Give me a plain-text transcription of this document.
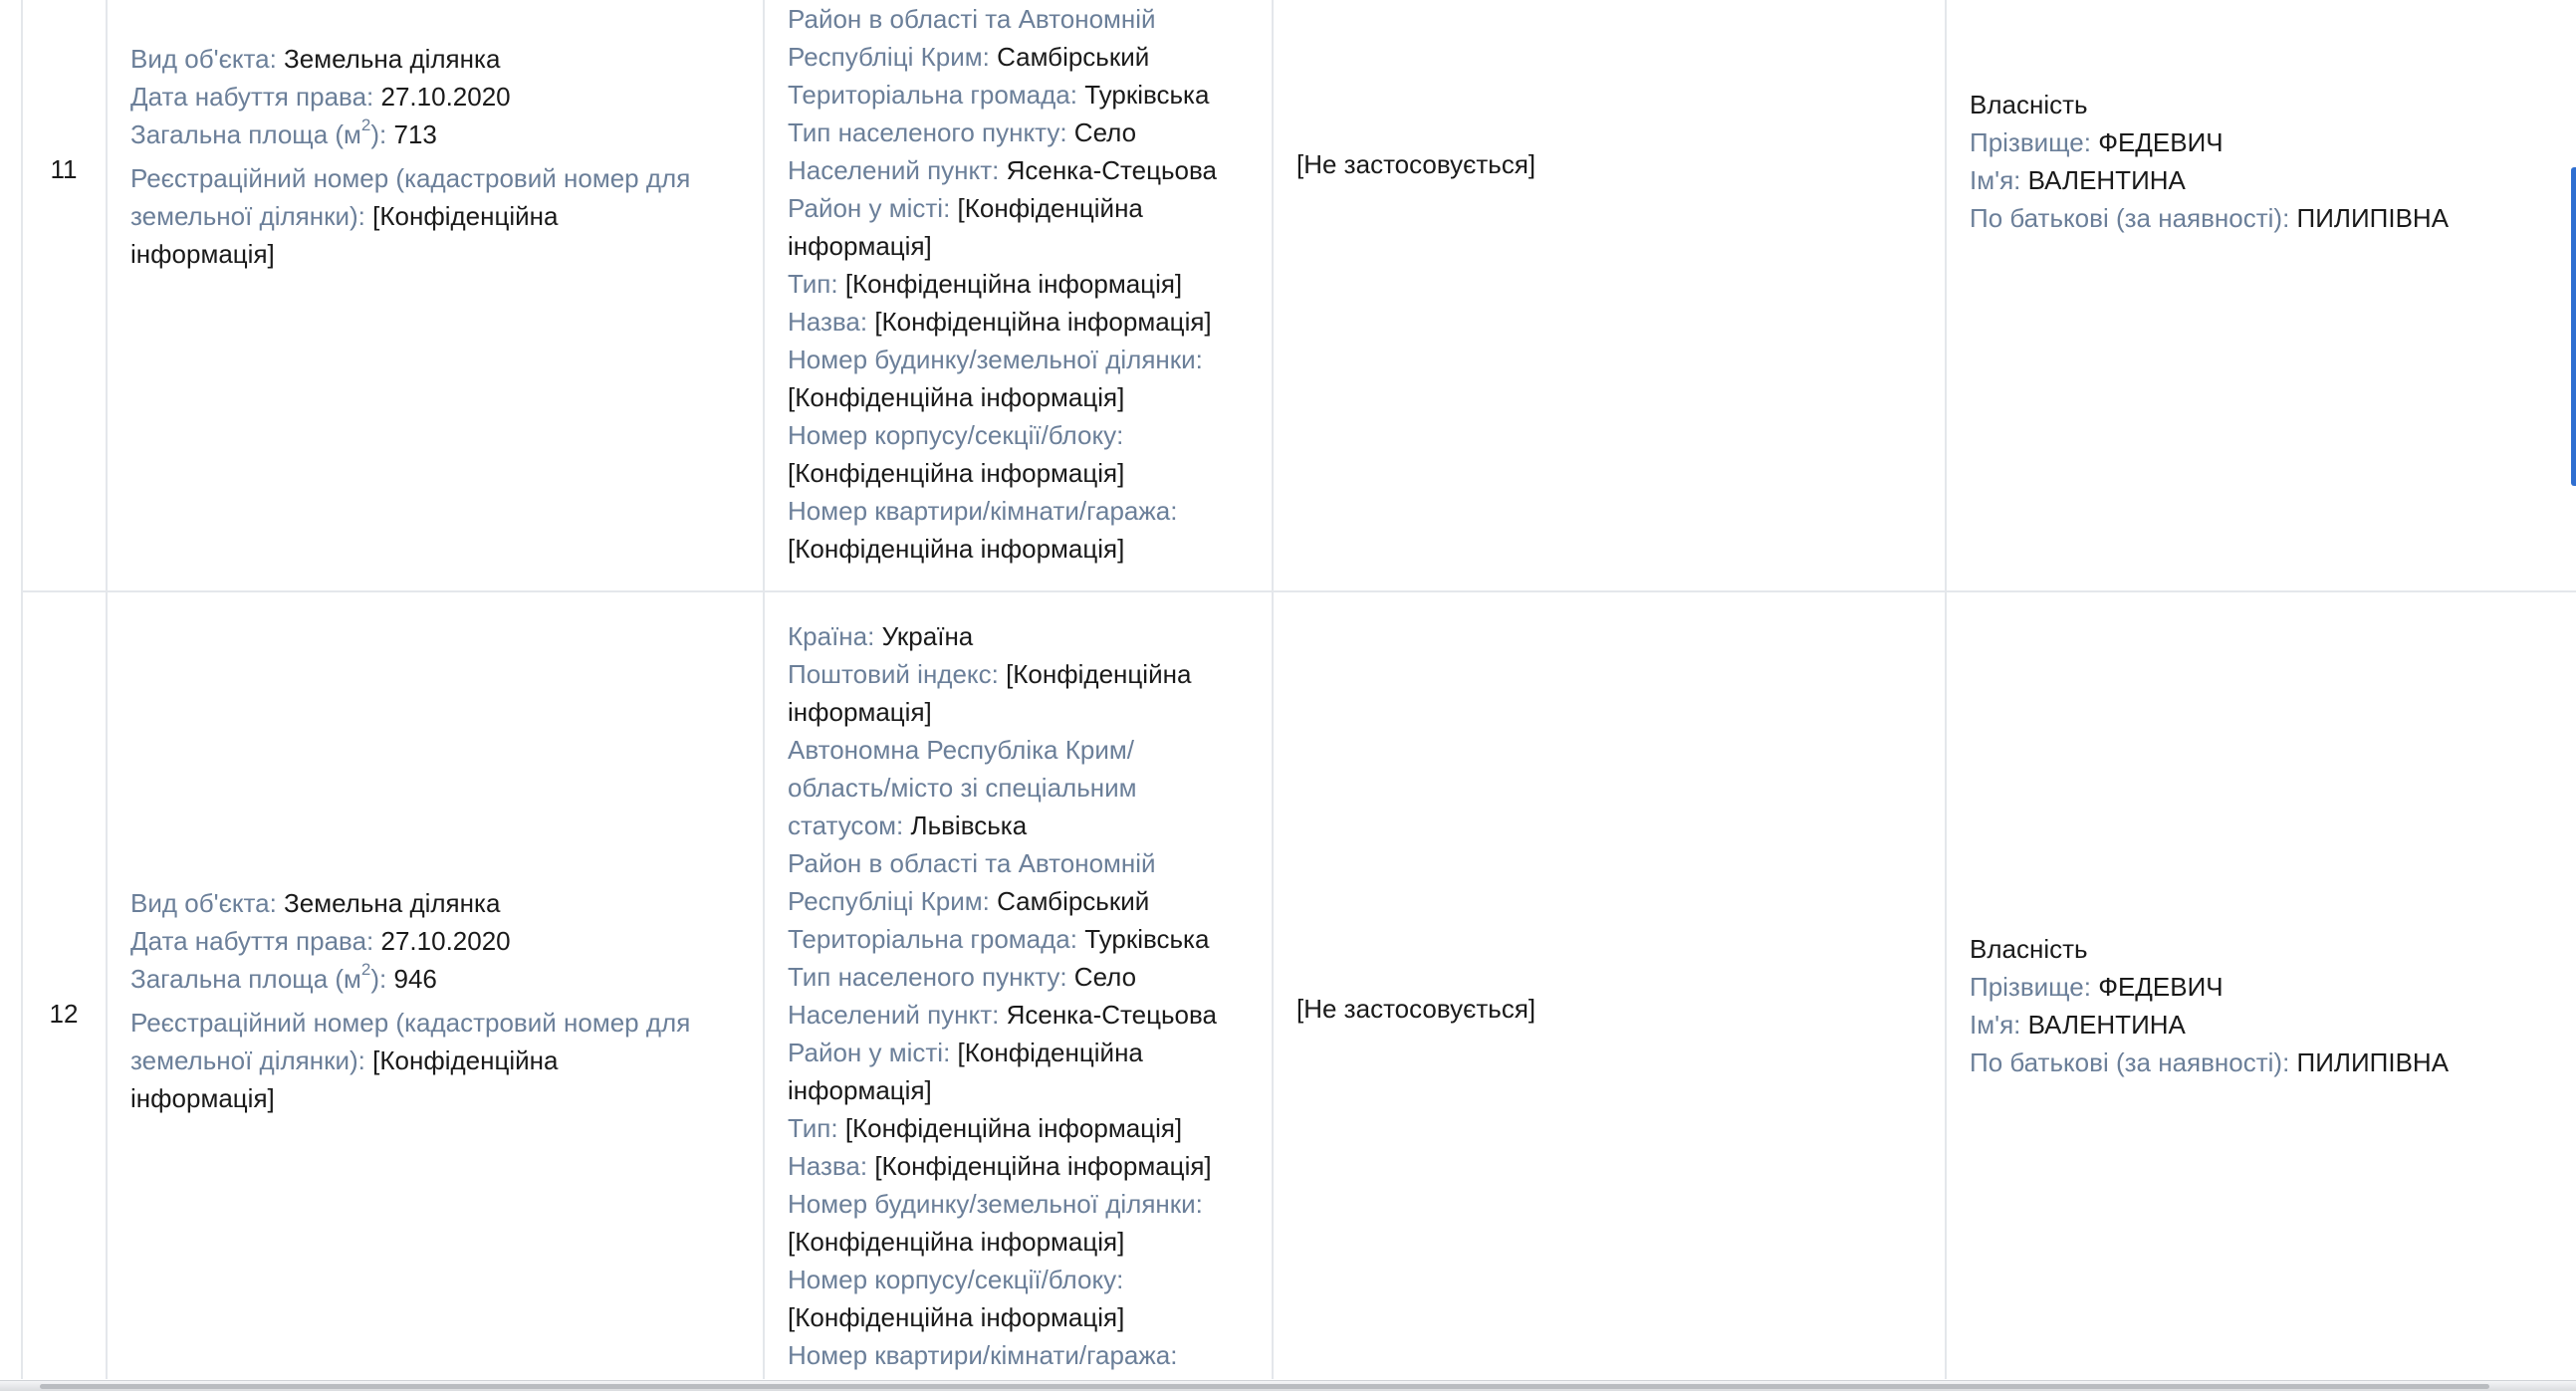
11
Вид об'єкта: Земельна ділянка
Дата набуття права: 27.10.2020
Загальна площа $(м^2)$: 713
Реєстраційний номер (кадастровий номер для
земельної ділянки): [Конфіденційна
інформація]
Район в області та Автономній
Республіці Крим: Самбірський
Територіальна громада: Турківська
Тип населеного пункту: Село
Населений пункт: Ясенка-Стецьова
Район у місті: [Конфіденційна
інформація]
Тип: [Конфіденційна інформація]
Назва: [Конфіденційна інформація]
Номер будинку/земельної ділянки:
[Конфіденційна інформація]
Номер корпусу/секції/блоку:
[Конфіденційна інформація]
Номер квартири/кімнати/гаража:
[Конфіденційна інформація]
[Не застосовується]
Власність
Прізвище: ФЕДЕВИЧ
Ім'я: ВАЛЕНТИНА
По батькові (за наявності): ПИЛИПІВНА
12
Вид об'єкта: Земельна ділянка
Дата набуття права: 27.10.2020
Загальна площа $(м^2)$: 946
Реєстраційний номер (кадастровий номер для
земельної ділянки): [Конфіденційна
інформація]
Країна: Україна
Поштовий індекс: [Конфіденційна
інформація]
Автономна Республіка Крим/
область/місто зі спеціальним
статусом: Львівська
Район в області та Автономній
Республіці Крим: Самбірський
Територіальна громада: Турківська
Тип населеного пункту: Село
Населений пункт: Ясенка-Стецьова
Район у місті: [Конфіденційна
інформація]
Тип: [Конфіденційна інформація]
Назва: [Конфіденційна інформація]
Номер будинку/земельної ділянки:
[Конфіденційна інформація]
Номер корпусу/секції/блоку:
[Конфіденційна інформація]
Номер квартири/кімнати/гаража:
[Не застосовується]
Власність
Прізвище: ФЕДЕВИЧ
Ім'я: ВАЛЕНТИНА
По батькові (за наявності): ПИЛИПІВНА
